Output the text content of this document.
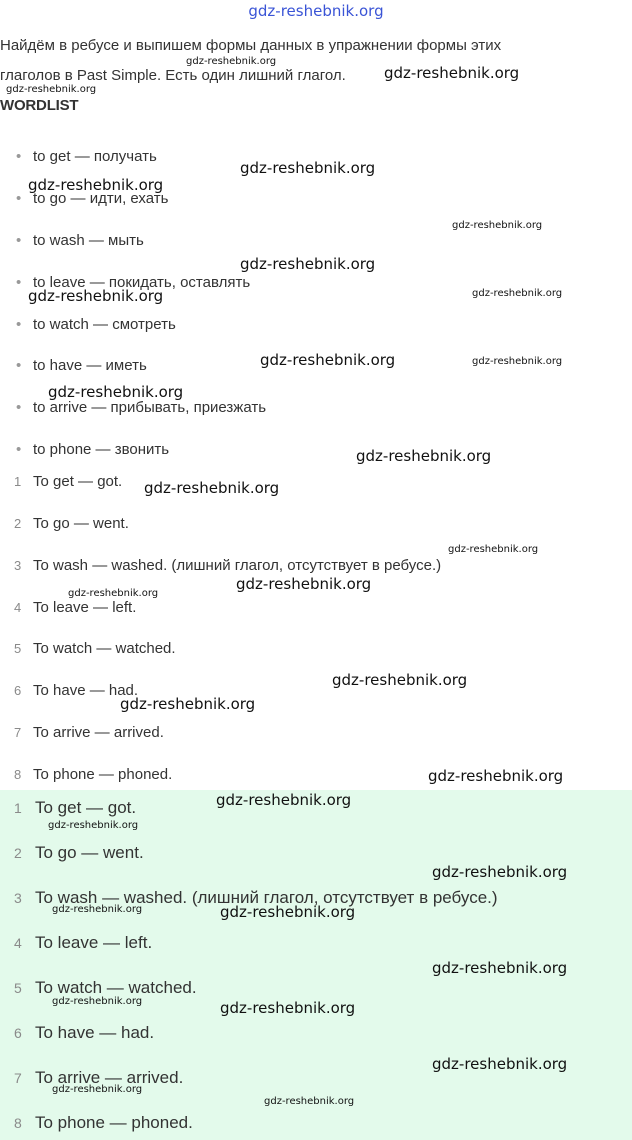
gdz-reshebnik.org
Найдём в ребусе и выпишем формы данных в упражнении формы этих
глаголов в Past Simple. Есть один лишний глагол.
WORDLIST
• to get — получать
• to go — идти, ехать
• to wash — мыть
• to leave — покидать, оставлять
• to watch — смотреть
• to have — иметь
• to arrive — прибывать, приезжать
• to phone — звонить
1 To get — got.
2 To go — went.
3 To wash — washed. (лишний глагол, отсутствует в ребусе.)
4 To leave — left.
5 To watch — watched.
6 To have — had.
7 To arrive — arrived.
8 To phone — phoned.
1 To get — got.
2 To go — went.
3 To wash — washed. (лишний глагол, отсутствует в ребусе.)
4 To leave — left.
5 To watch — watched.
6 To have — had.
7 To arrive — arrived.
8 To phone — phoned.
gdz-reshebnik.org
gdz-reshebnik.org
gdz-reshebnik.org
gdz-reshebnik.org
gdz-reshebnik.org
gdz-reshebnik.org
gdz-reshebnik.org
gdz-reshebnik.org	gdz-reshebnik.org
gdz-reshebnik.org	gdz-reshebnik.org
gdz-reshebnik.org
gdz-reshebnik.org
gdz-reshebnik.org
gdz-reshebnik.org
gdz-reshebnik.org
gdz-reshebnik.org
gdz-reshebnik.org
gdz-reshebnik.org
gdz-reshebnik.org
gdz-reshebnik.org
gdz-reshebnik.org
gdz-reshebnik.org
gdz-reshebnik.org	gdz-reshebnik.org
gdz-reshebnik.org
gdz-reshebnik.org	gdz-reshebnik.org
gdz-reshebnik.org
gdz-reshebnik.org
gdz-reshebnik.org
